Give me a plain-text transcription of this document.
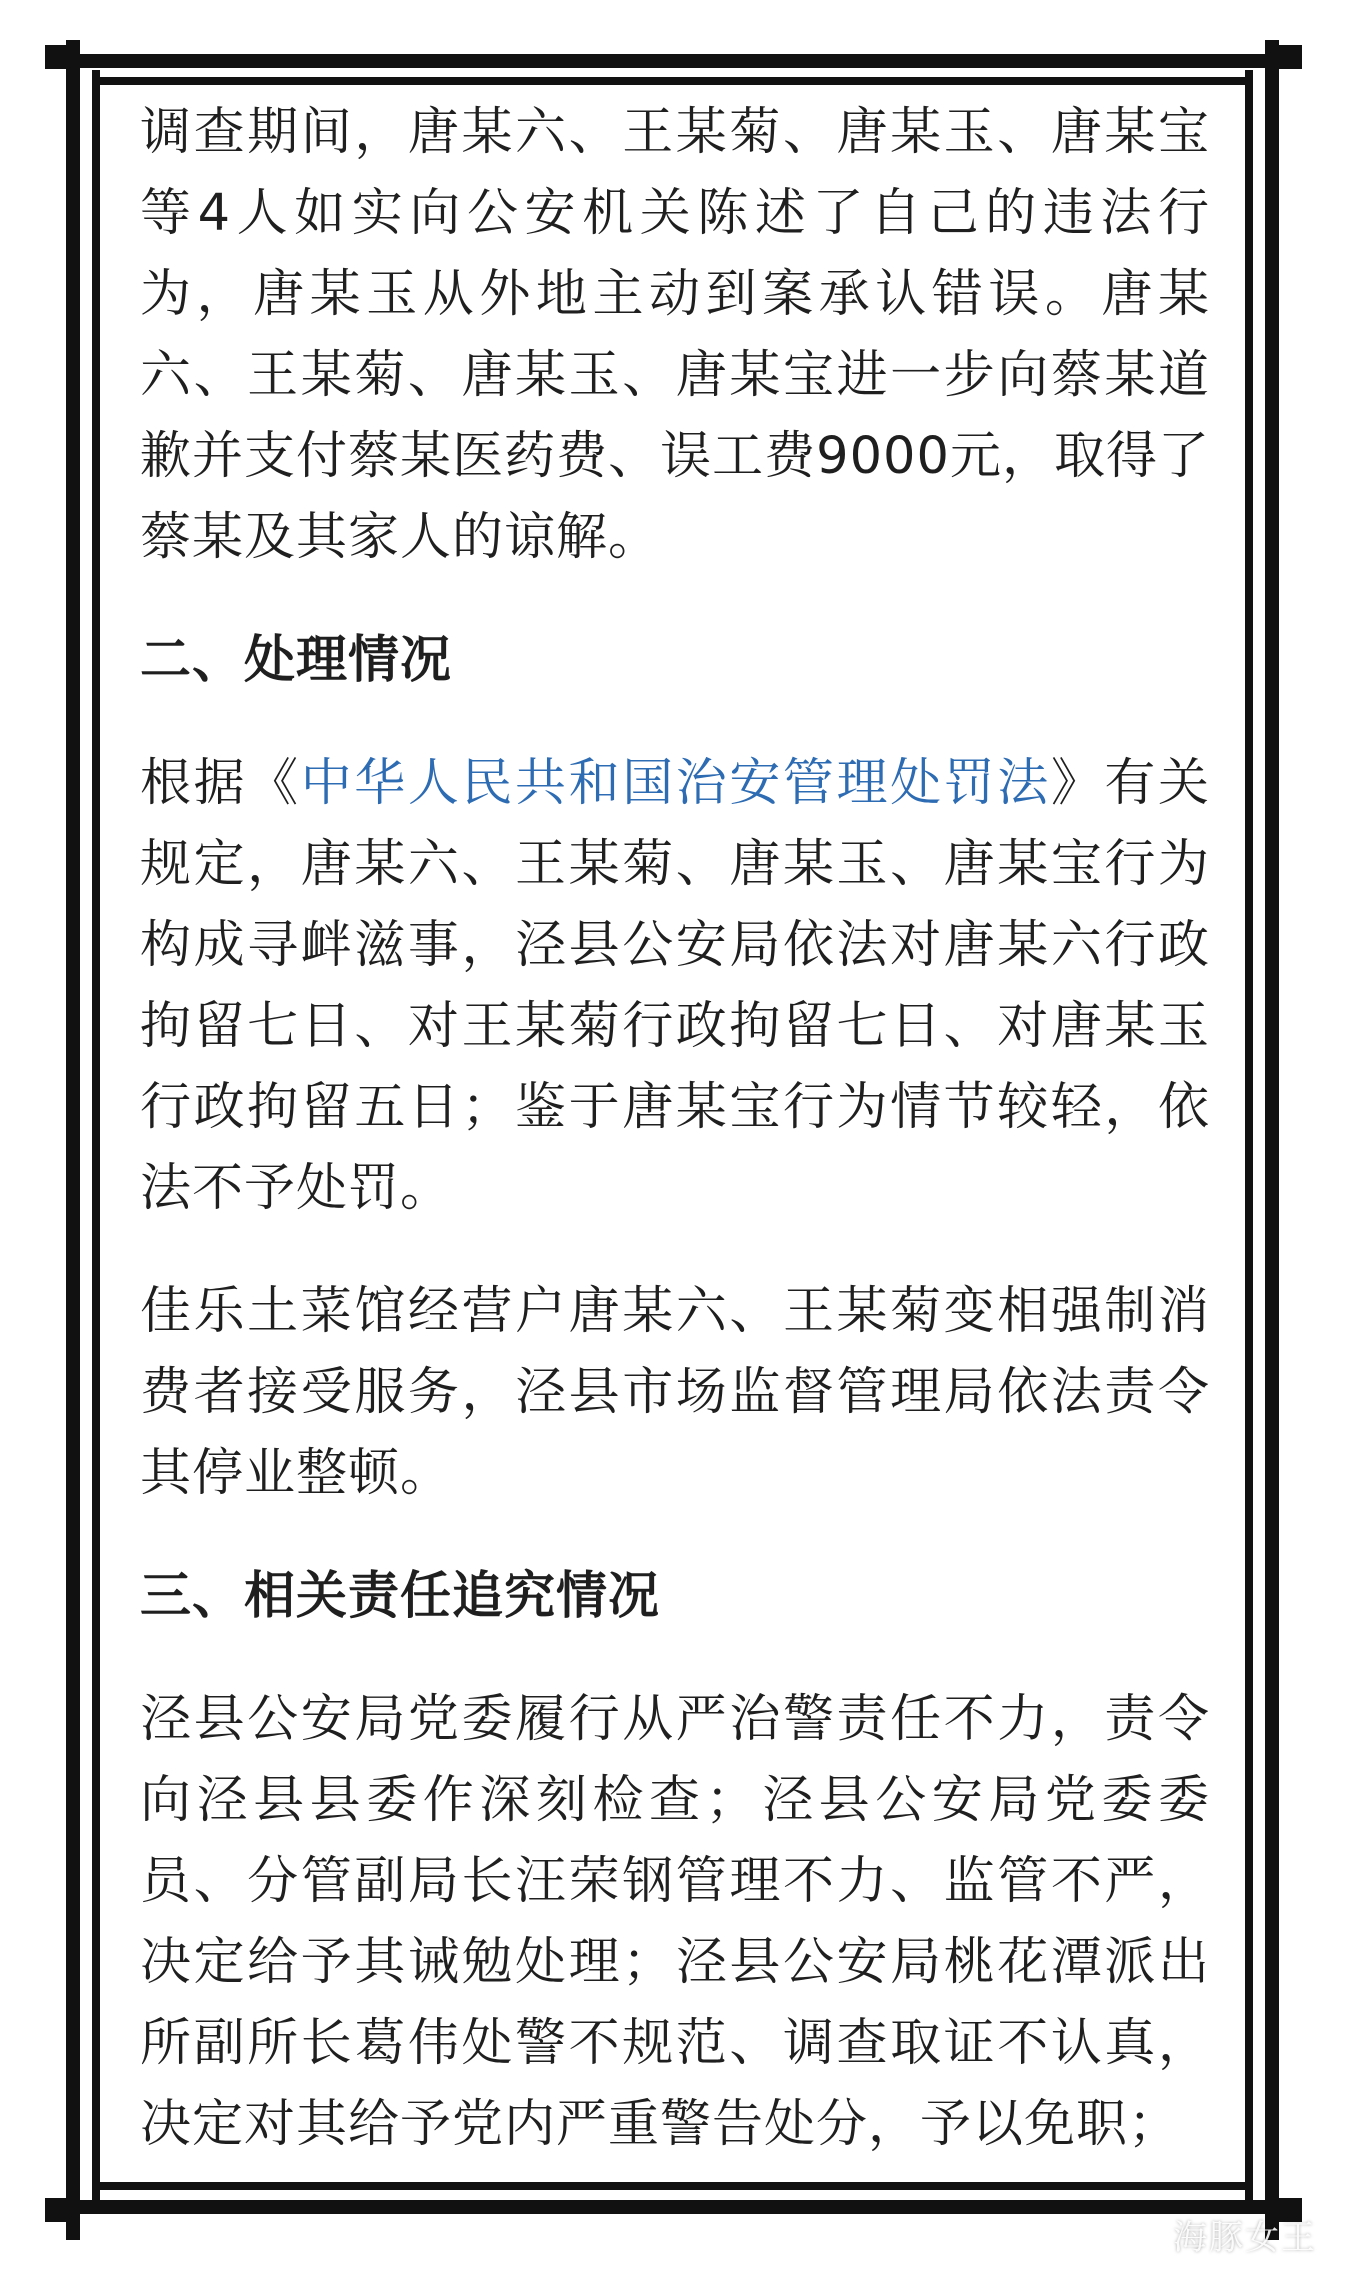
调查期间，唐某六、王某菊、唐某玉、唐某宝等4人如实向公安机关陈述了自己的违法行为，唐某玉从外地主动到案承认错误。唐某六、王某菊、唐某玉、唐某宝进一步向蔡某道歉并支付蔡某医药费、误工费9000元，取得了蔡某及其家人的谅解。

二、处理情况

根据《中华人民共和国治安管理处罚法》有关规定，唐某六、王某菊、唐某玉、唐某宝行为构成寻衅滋事，泾县公安局依法对唐某六行政拘留七日、对王某菊行政拘留七日、对唐某玉行政拘留五日；鉴于唐某宝行为情节较轻，依法不予处罚。

佳乐土菜馆经营户唐某六、王某菊变相强制消费者接受服务，泾县市场监督管理局依法责令其停业整顿。

三、相关责任追究情况

泾县公安局党委履行从严治警责任不力，责令向泾县县委作深刻检查；泾县公安局党委委员、分管副局长汪荣钢管理不力、监管不严，决定给予其诫勉处理；泾县公安局桃花潭派出所副所长葛伟处警不规范、调查取证不认真，决定对其给予党内严重警告处分，予以免职；

海豚女王
